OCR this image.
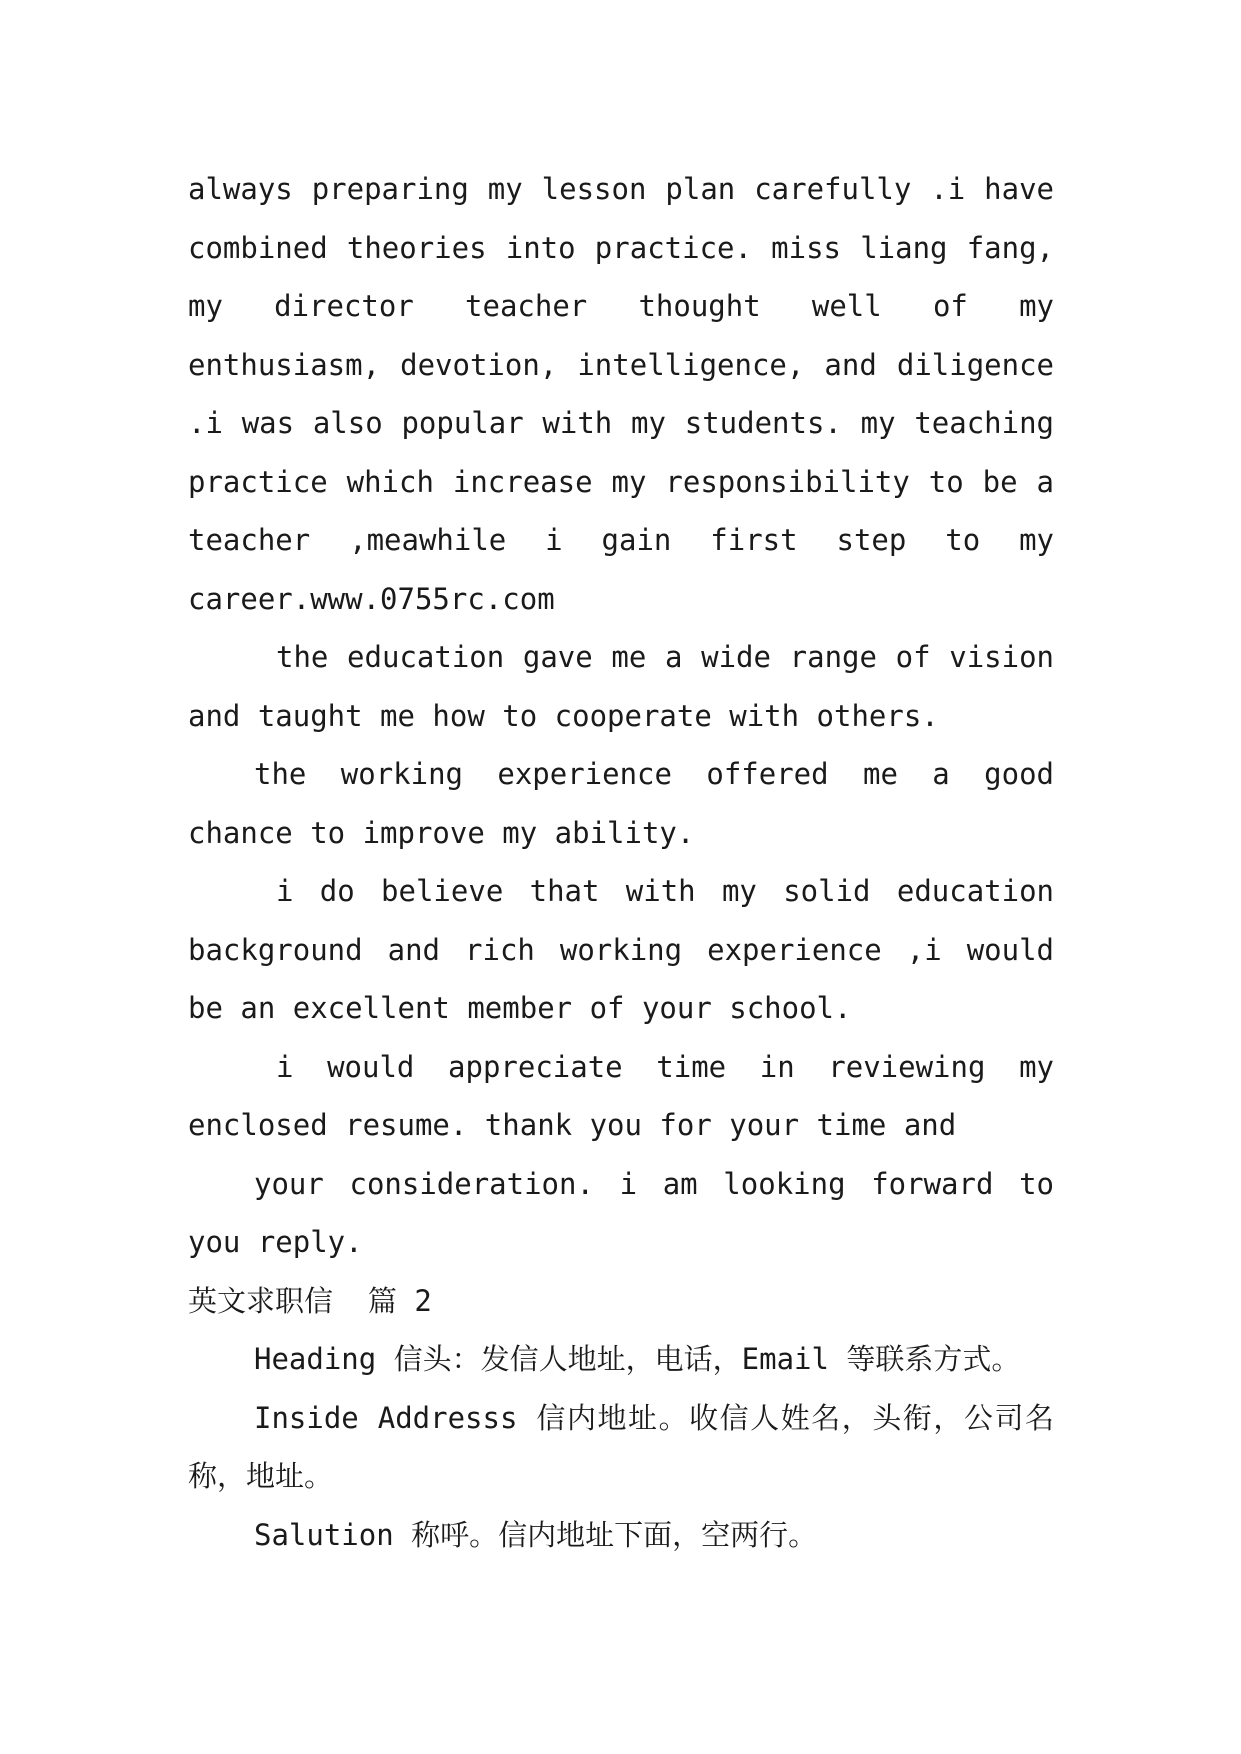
always preparing my lesson plan carefully .i have combined theories into practice. miss liang fang, my director teacher thought well of my enthusiasm, devotion, intelligence, and diligence .i was also popular with my students. my teaching practice which increase my responsibility to be a teacher ,meawhile i gain first step to my career.www.0755rc.com

the education gave me a wide range of vision and taught me how to cooperate with others.

the working experience offered me a good chance to improve my ability.

i do believe that with my solid education background and rich working experience ,i would be an excellent member of your school.

i would appreciate time in reviewing my enclosed resume. thank you for your time and

your consideration. i am looking forward to you reply.

英文求职信  篇 2

Heading 信头：发信人地址，电话，Email 等联系方式。

Inside Addresss 信内地址。收信人姓名，头衔，公司名称，地址。

Salution 称呼。信内地址下面，空两行。
